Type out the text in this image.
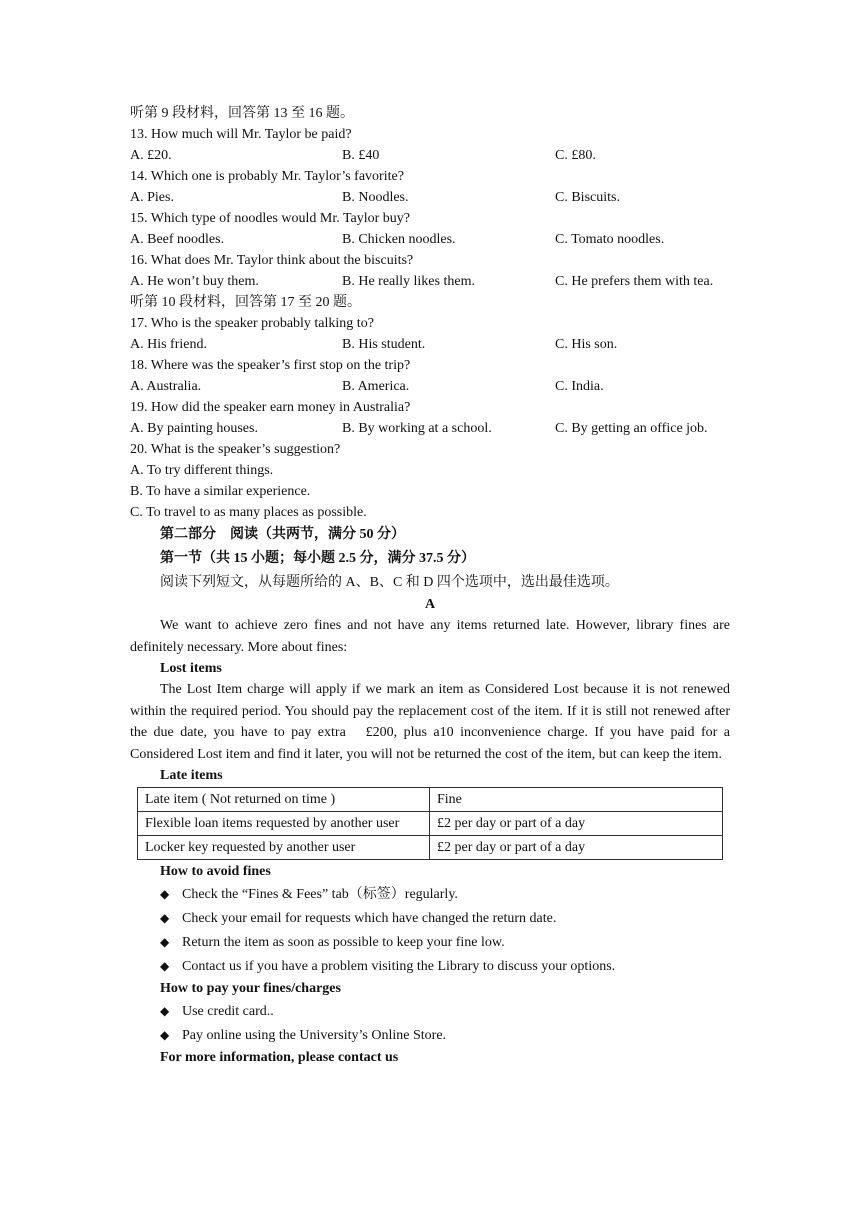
听第 9 段材料，回答第 13 至 16 题。
13. How much will Mr. Taylor be paid?
A. £20.	B. £40	C. £80.
14. Which one is probably Mr. Taylor’s favorite?
A. Pies.	B. Noodles.	C. Biscuits.
15. Which type of noodles would Mr. Taylor buy?
A. Beef noodles.	B. Chicken noodles.	C. Tomato noodles.
16. What does Mr. Taylor think about the biscuits?
A. He won’t buy them.	B. He really likes them.	C. He prefers them with tea.
听第 10 段材料，回答第 17 至 20 题。
17. Who is the speaker probably talking to?
A. His friend.	B. His student.	C. His son.
18. Where was the speaker’s first stop on the trip?
A. Australia.	B. America.	C. India.
19. How did the speaker earn money in Australia?
A. By painting houses.	B. By working at a school.	C. By getting an office job.
20. What is the speaker’s suggestion?
A. To try different things.
B. To have a similar experience.
C. To travel to as many places as possible.
第二部分　阅读（共两节，满分 50 分）
第一节（共 15 小题；每小题 2.5 分，满分 37.5 分）
阅读下列短文，从每题所给的 A、B、C 和 D 四个选项中，选出最佳选项。
A
We want to achieve zero fines and not have any items returned late. However, library fines are definitely necessary. More about fines:
Lost items
The Lost Item charge will apply if we mark an item as Considered Lost because it is not renewed within the required period. You should pay the replacement cost of the item. If it is still not renewed after the due date, you have to pay extra　£200, plus a10 inconvenience charge. If you have paid for a Considered Lost item and find it later, you will not be returned the cost of the item, but can keep the item.
Late items
Late item ( Not returned on time )	Fine
Flexible loan items requested by another user	£2 per day or part of a day
Locker key requested by another user	£2 per day or part of a day
How to avoid fines
◆ Check the “Fines & Fees” tab（标签）regularly.
◆ Check your email for requests which have changed the return date.
◆ Return the item as soon as possible to keep your fine low.
◆ Contact us if you have a problem visiting the Library to discuss your options.
How to pay your fines/charges
◆ Use credit card..
◆ Pay online using the University’s Online Store.
For more information, please contact us
